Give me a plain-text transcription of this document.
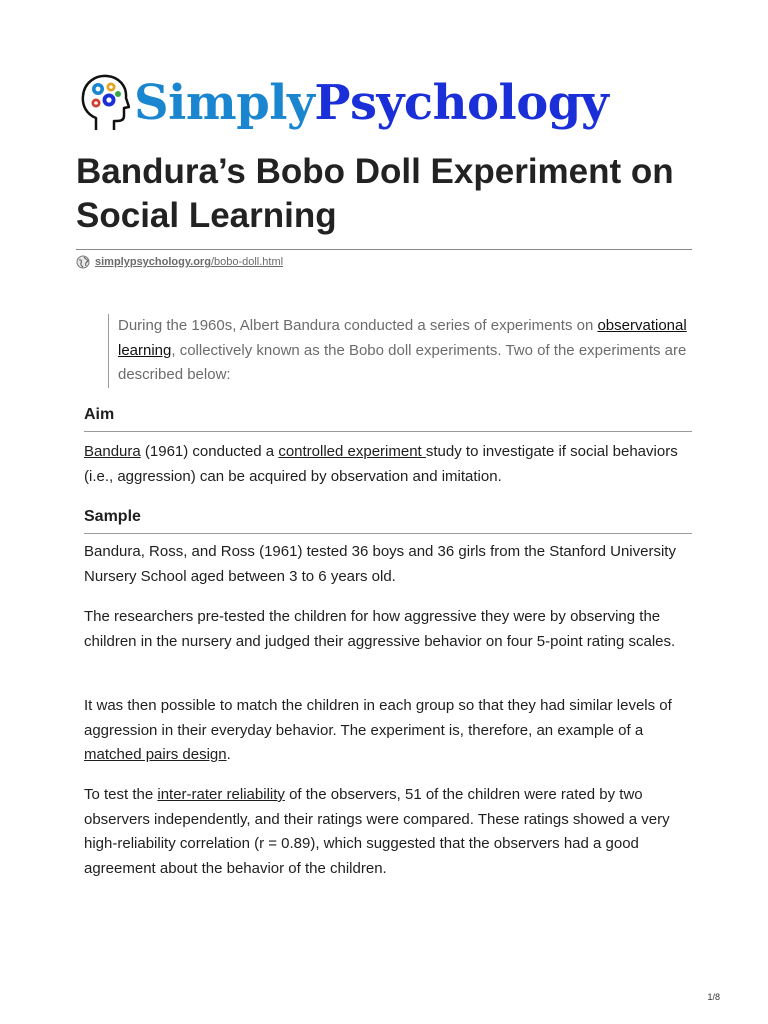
SimplyPsychology
Bandura’s Bobo Doll Experiment on Social Learning
simplypsychology.org/bobo-doll.html
During the 1960s, Albert Bandura conducted a series of experiments on observational learning, collectively known as the Bobo doll experiments. Two of the experiments are described below:
Aim

Bandura (1961) conducted a controlled experiment study to investigate if social behaviors (i.e., aggression) can be acquired by observation and imitation.

Sample

Bandura, Ross, and Ross (1961) tested 36 boys and 36 girls from the Stanford University Nursery School aged between 3 to 6 years old.

The researchers pre-tested the children for how aggressive they were by observing the children in the nursery and judged their aggressive behavior on four 5-point rating scales.

It was then possible to match the children in each group so that they had similar levels of aggression in their everyday behavior. The experiment is, therefore, an example of a matched pairs design.

To test the inter-rater reliability of the observers, 51 of the children were rated by two observers independently, and their ratings were compared. These ratings showed a very high-reliability correlation (r = 0.89), which suggested that the observers had a good agreement about the behavior of the children.

1/8
